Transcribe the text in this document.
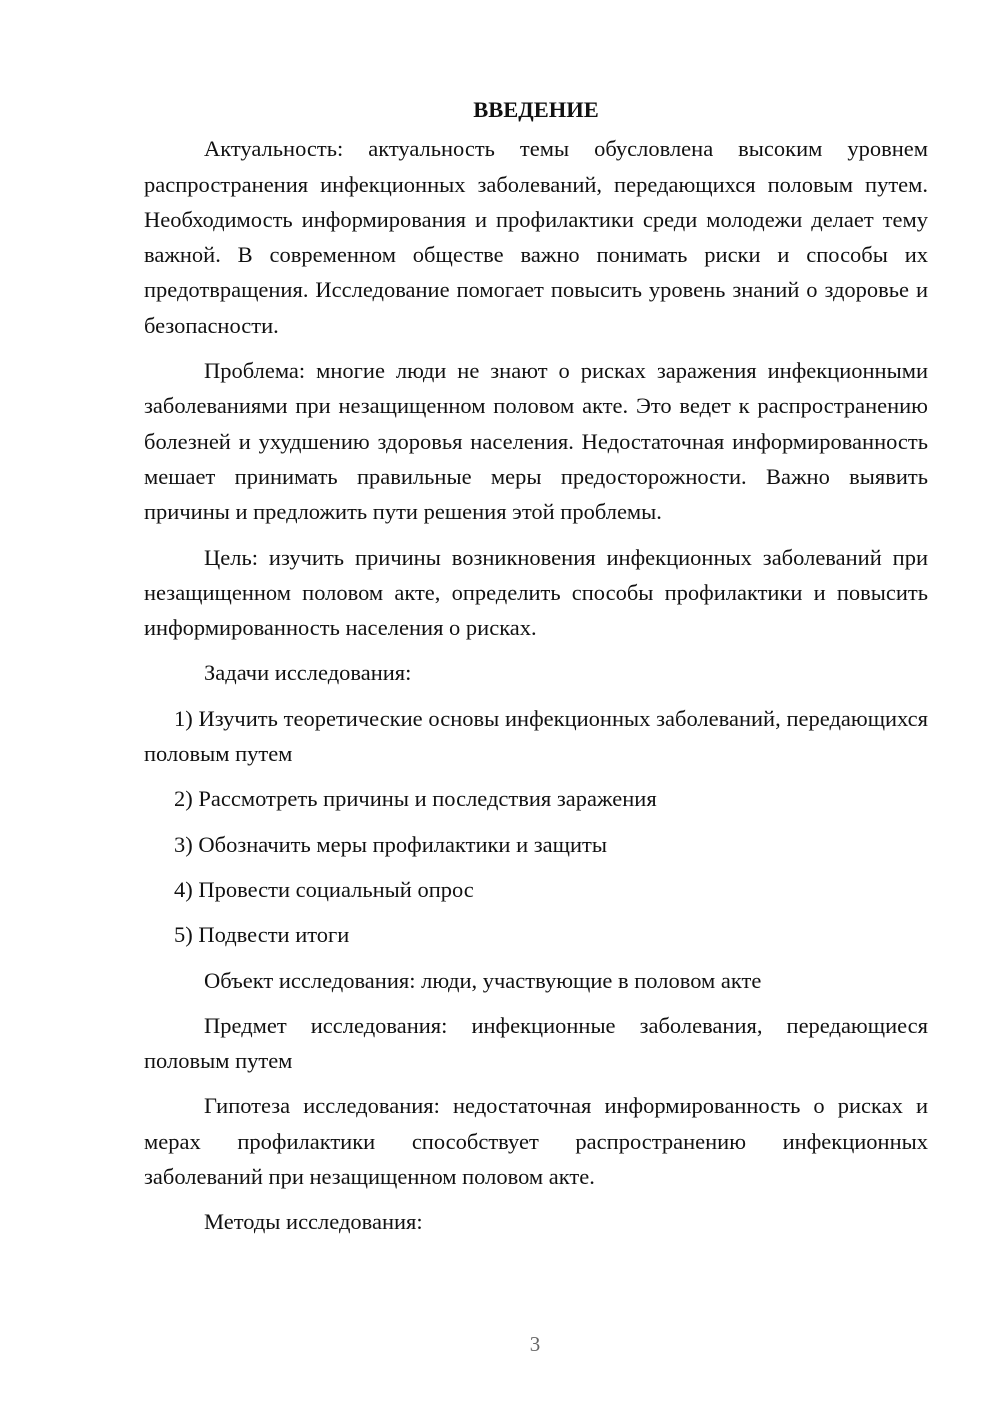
ВВЕДЕНИЕ

Актуальность: актуальность темы обусловлена высоким уровнем распространения инфекционных заболеваний, передающихся половым путем. Необходимость информирования и профилактики среди молодежи делает тему важной. В современном обществе важно понимать риски и способы их предотвращения. Исследование помогает повысить уровень знаний о здоровье и безопасности.

Проблема: многие люди не знают о рисках заражения инфекционными заболеваниями при незащищенном половом акте. Это ведет к распространению болезней и ухудшению здоровья населения. Недостаточная информированность мешает принимать правильные меры предосторожности. Важно выявить причины и предложить пути решения этой проблемы.

Цель: изучить причины возникновения инфекционных заболеваний при незащищенном половом акте, определить способы профилактики и повысить информированность населения о рисках.

Задачи исследования:

1) Изучить теоретические основы инфекционных заболеваний, передающихся половым путем

2) Рассмотреть причины и последствия заражения

3) Обозначить меры профилактики и защиты

4) Провести социальный опрос

5) Подвести итоги

Объект исследования: люди, участвующие в половом акте

Предмет исследования: инфекционные заболевания, передающиеся половым путем

Гипотеза исследования: недостаточная информированность о рисках и мерах профилактики способствует распространению инфекционных заболеваний при незащищенном половом акте.

Методы исследования:

3
